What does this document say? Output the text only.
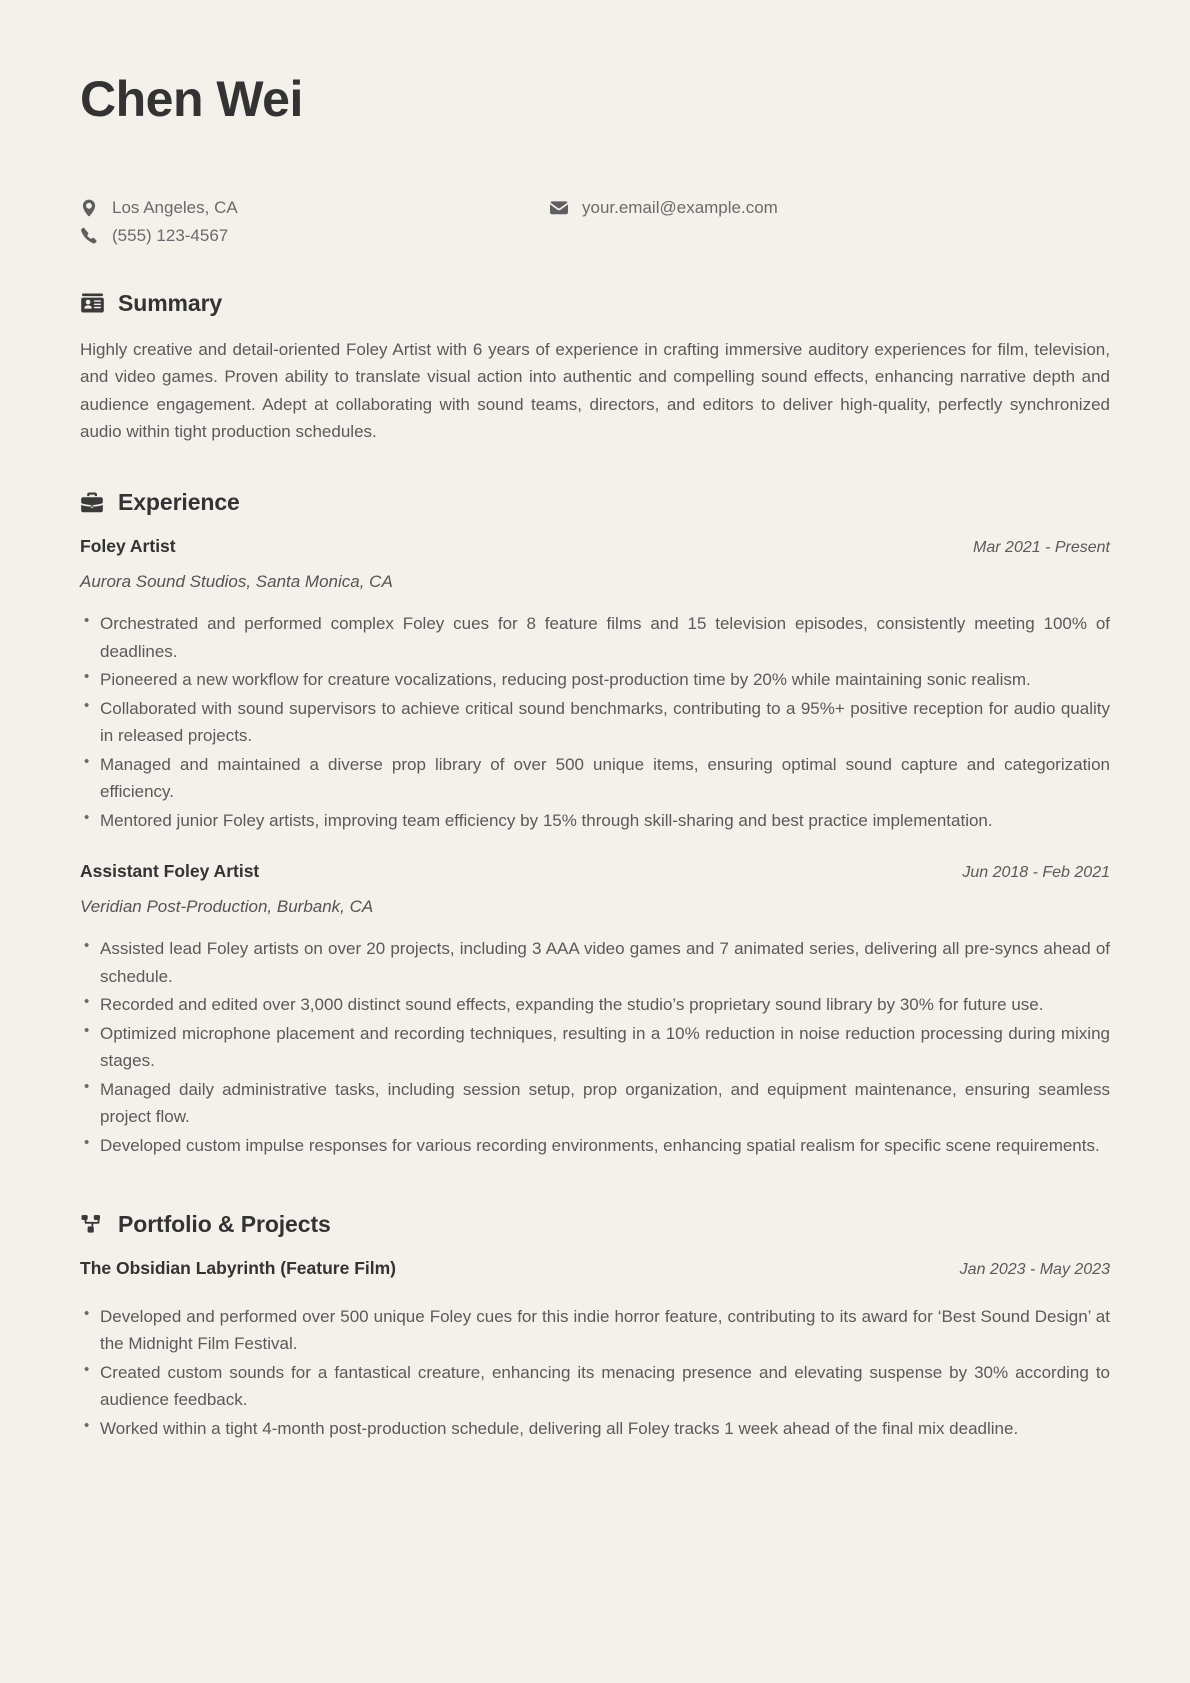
Chen Wei
Los Angeles, CA
(555) 123-4567
your.email@example.com
Summary

Highly creative and detail-oriented Foley Artist with 6 years of experience in crafting immersive auditory experiences for film, television, and video games. Proven ability to translate visual action into authentic and compelling sound effects, enhancing narrative depth and audience engagement. Adept at collaborating with sound teams, directors, and editors to deliver high-quality, perfectly synchronized audio within tight production schedules.

Experience
Foley Artist	Mar 2021 - Present
Aurora Sound Studios, Santa Monica, CA
• Orchestrated and performed complex Foley cues for 8 feature films and 15 television episodes, consistently meeting 100% of deadlines.
• Pioneered a new workflow for creature vocalizations, reducing post-production time by 20% while maintaining sonic realism.
• Collaborated with sound supervisors to achieve critical sound benchmarks, contributing to a 95%+ positive reception for audio quality in released projects.
• Managed and maintained a diverse prop library of over 500 unique items, ensuring optimal sound capture and categorization efficiency.
• Mentored junior Foley artists, improving team efficiency by 15% through skill-sharing and best practice implementation.
Assistant Foley Artist	Jun 2018 - Feb 2021
Veridian Post-Production, Burbank, CA
• Assisted lead Foley artists on over 20 projects, including 3 AAA video games and 7 animated series, delivering all pre-syncs ahead of schedule.
• Recorded and edited over 3,000 distinct sound effects, expanding the studio’s proprietary sound library by 30% for future use.
• Optimized microphone placement and recording techniques, resulting in a 10% reduction in noise reduction processing during mixing stages.
• Managed daily administrative tasks, including session setup, prop organization, and equipment maintenance, ensuring seamless project flow.
• Developed custom impulse responses for various recording environments, enhancing spatial realism for specific scene requirements.
Portfolio & Projects
The Obsidian Labyrinth (Feature Film)	Jan 2023 - May 2023
• Developed and performed over 500 unique Foley cues for this indie horror feature, contributing to its award for ‘Best Sound Design’ at the Midnight Film Festival.
• Created custom sounds for a fantastical creature, enhancing its menacing presence and elevating suspense by 30% according to audience feedback.
• Worked within a tight 4-month post-production schedule, delivering all Foley tracks 1 week ahead of the final mix deadline.
